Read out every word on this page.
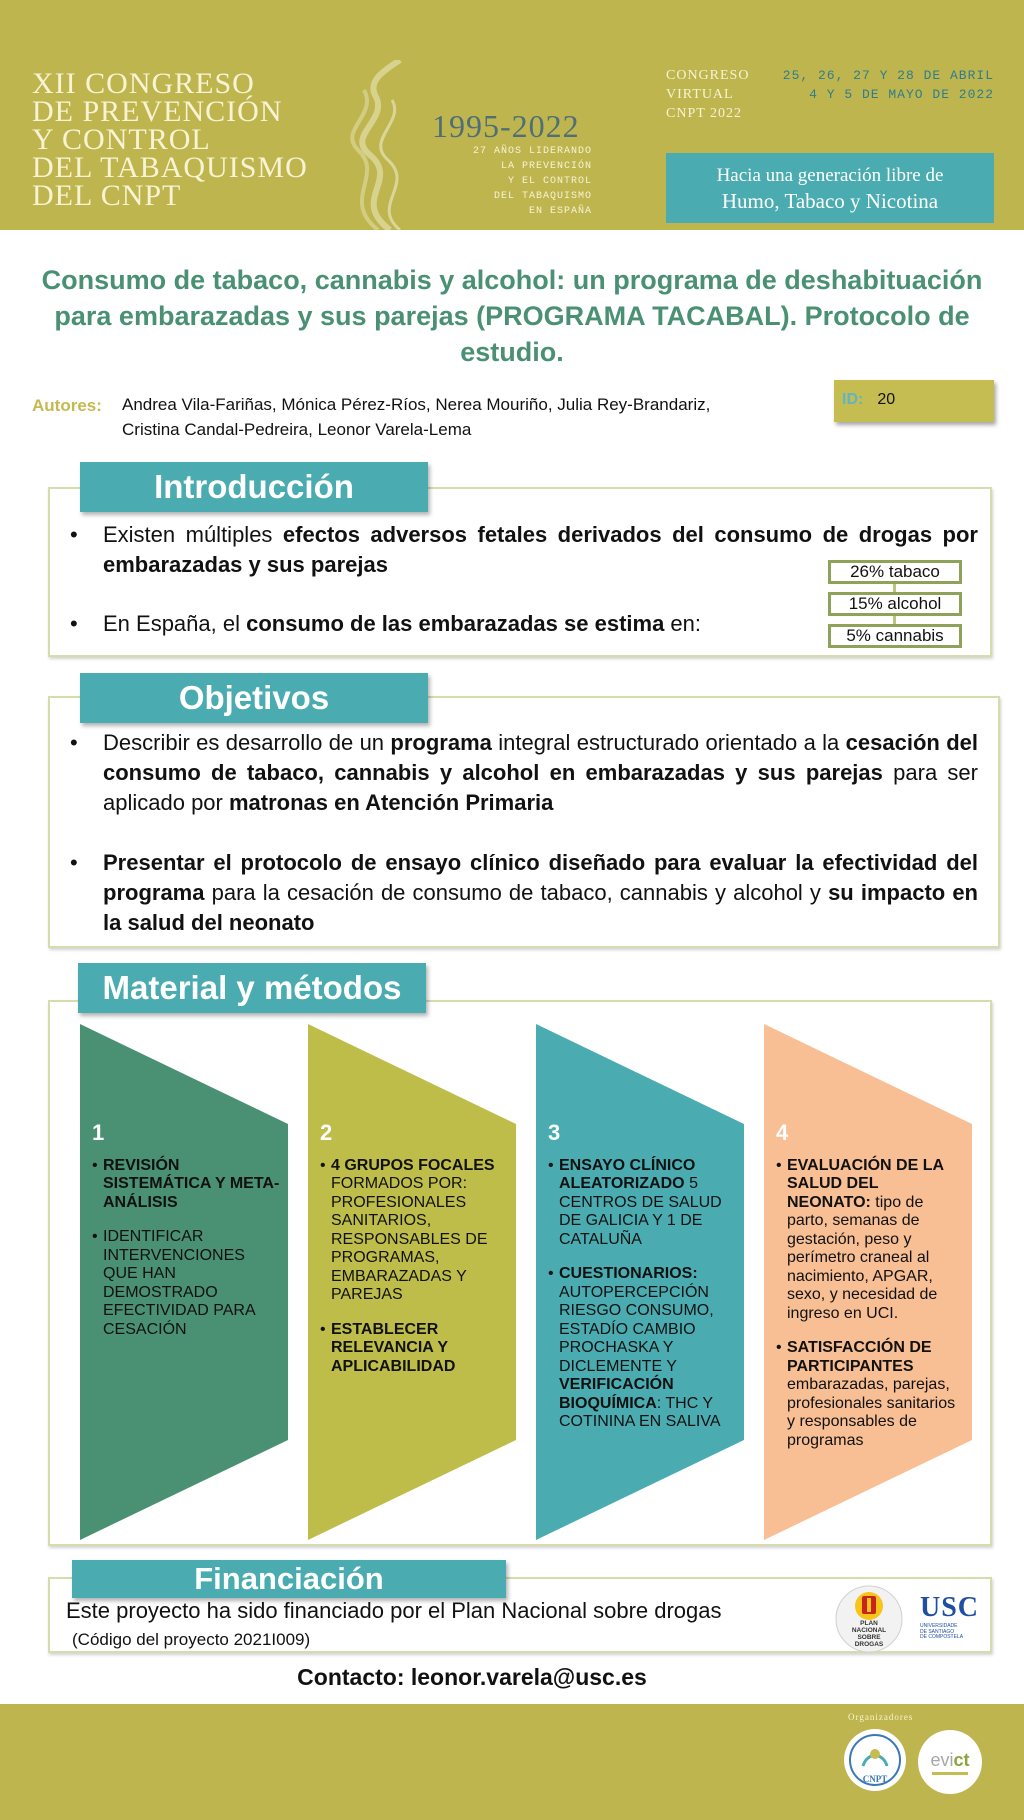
XII CONGRESO
DE PREVENCIÓN
Y CONTROL
DEL TABAQUISMO
DEL CNPT
1995-2022
27 AÑOS LIDERANDO
LA PREVENCIÓN
Y EL CONTROL
DEL TABAQUISMO
EN ESPAÑA
CONGRESO
VIRTUAL
CNPT 2022
25, 26, 27 Y 28 DE ABRIL
4 Y 5 DE MAYO DE 2022
Hacia una generación libre de
Humo, Tabaco y Nicotina
Consumo de tabaco, cannabis y alcohol: un programa de deshabituación para embarazadas y sus parejas (PROGRAMA TACABAL). Protocolo de estudio.
Autores: Andrea Vila-Fariñas, Mónica Pérez-Ríos, Nerea Mouriño, Julia Rey-Brandariz,
Cristina Candal-Pedreira, Leonor Varela-Lema
ID: 20
Introducción
• Existen múltiples efectos adversos fetales derivados del consumo de drogas por embarazadas y sus parejas
• En España, el consumo de las embarazadas se estima en:
26% tabaco
15% alcohol
5% cannabis
Objetivos
• Describir es desarrollo de un programa integral estructurado orientado a la cesación del consumo de tabaco, cannabis y alcohol en embarazadas y sus parejas para ser aplicado por matronas en Atención Primaria
• Presentar el protocolo de ensayo clínico diseñado para evaluar la efectividad del programa para la cesación de consumo de tabaco, cannabis y alcohol y su impacto en la salud del neonato
Material y métodos
1
• REVISIÓN SISTEMÁTICA Y META-ANÁLISIS
• IDENTIFICAR INTERVENCIONES QUE HAN DEMOSTRADO EFECTIVIDAD PARA CESACIÓN
2
• 4 GRUPOS FOCALES FORMADOS POR: PROFESIONALES SANITARIOS, RESPONSABLES DE PROGRAMAS, EMBARAZADAS Y PAREJAS
• ESTABLECER RELEVANCIA Y APLICABILIDAD
3
• ENSAYO CLÍNICO ALEATORIZADO 5 CENTROS DE SALUD DE GALICIA Y 1 DE CATALUÑA
• CUESTIONARIOS: AUTOPERCEPCIÓN RIESGO CONSUMO, ESTADÍO CAMBIO PROCHASKA Y DICLEMENTE Y VERIFICACIÓN BIOQUÍMICA: THC Y COTININA EN SALIVA
4
• EVALUACIÓN DE LA SALUD DEL NEONATO: tipo de parto, semanas de gestación, peso y perímetro craneal al nacimiento, APGAR, sexo, y necesidad de ingreso en UCI.
• SATISFACCIÓN DE PARTICIPANTES embarazadas, parejas, profesionales sanitarios y responsables de programas
Financiación
Este proyecto ha sido financiado por el Plan Nacional sobre drogas
(Código del proyecto 2021I009)
PLAN
NACIONAL
SOBRE
DROGAS
USC
UNIVERSIDADE
DE SANTIAGO
DE COMPOSTELA
Contacto: leonor.varela@usc.es
Organizadores
CNPT
evict
